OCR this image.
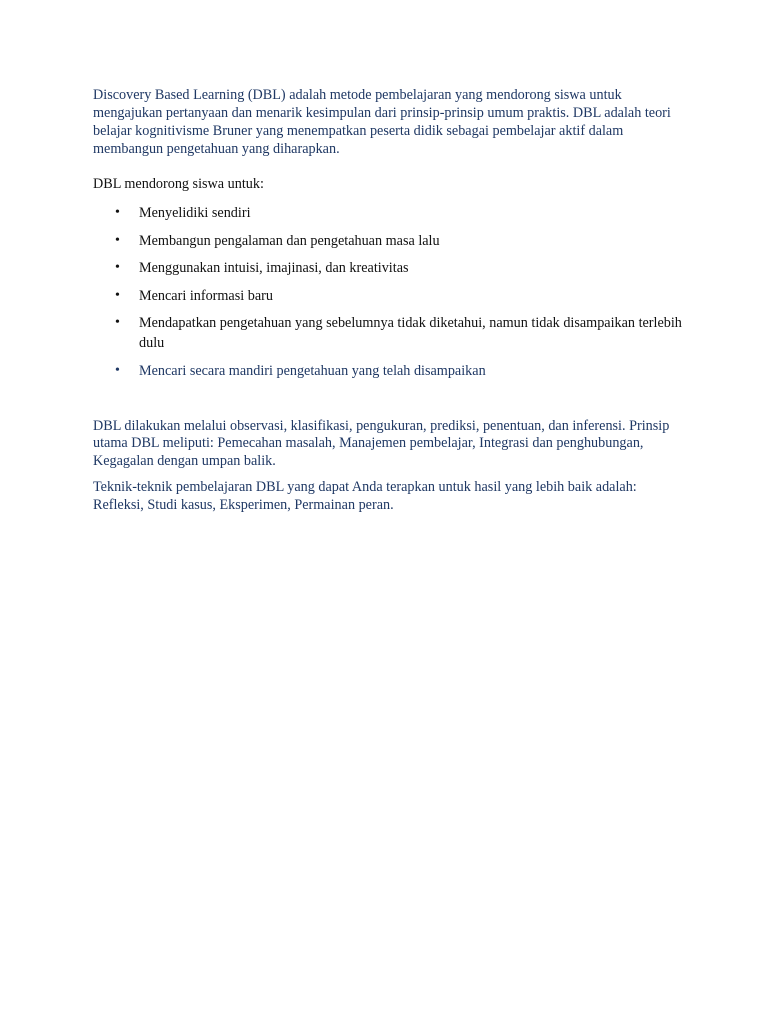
Discovery Based Learning (DBL) adalah metode pembelajaran yang mendorong siswa untuk mengajukan pertanyaan dan menarik kesimpulan dari prinsip-prinsip umum praktis. DBL adalah teori belajar kognitivisme Bruner yang menempatkan peserta didik sebagai pembelajar aktif dalam membangun pengetahuan yang diharapkan.

DBL mendorong siswa untuk:

• Menyelidiki sendiri
• Membangun pengalaman dan pengetahuan masa lalu
• Menggunakan intuisi, imajinasi, dan kreativitas
• Mencari informasi baru
• Mendapatkan pengetahuan yang sebelumnya tidak diketahui, namun tidak disampaikan terlebih dulu
• Mencari secara mandiri pengetahuan yang telah disampaikan

DBL dilakukan melalui observasi, klasifikasi, pengukuran, prediksi, penentuan, dan inferensi. Prinsip utama DBL meliputi: Pemecahan masalah, Manajemen pembelajar, Integrasi dan penghubungan, Kegagalan dengan umpan balik.

Teknik-teknik pembelajaran DBL yang dapat Anda terapkan untuk hasil yang lebih baik adalah: Refleksi, Studi kasus, Eksperimen, Permainan peran.
